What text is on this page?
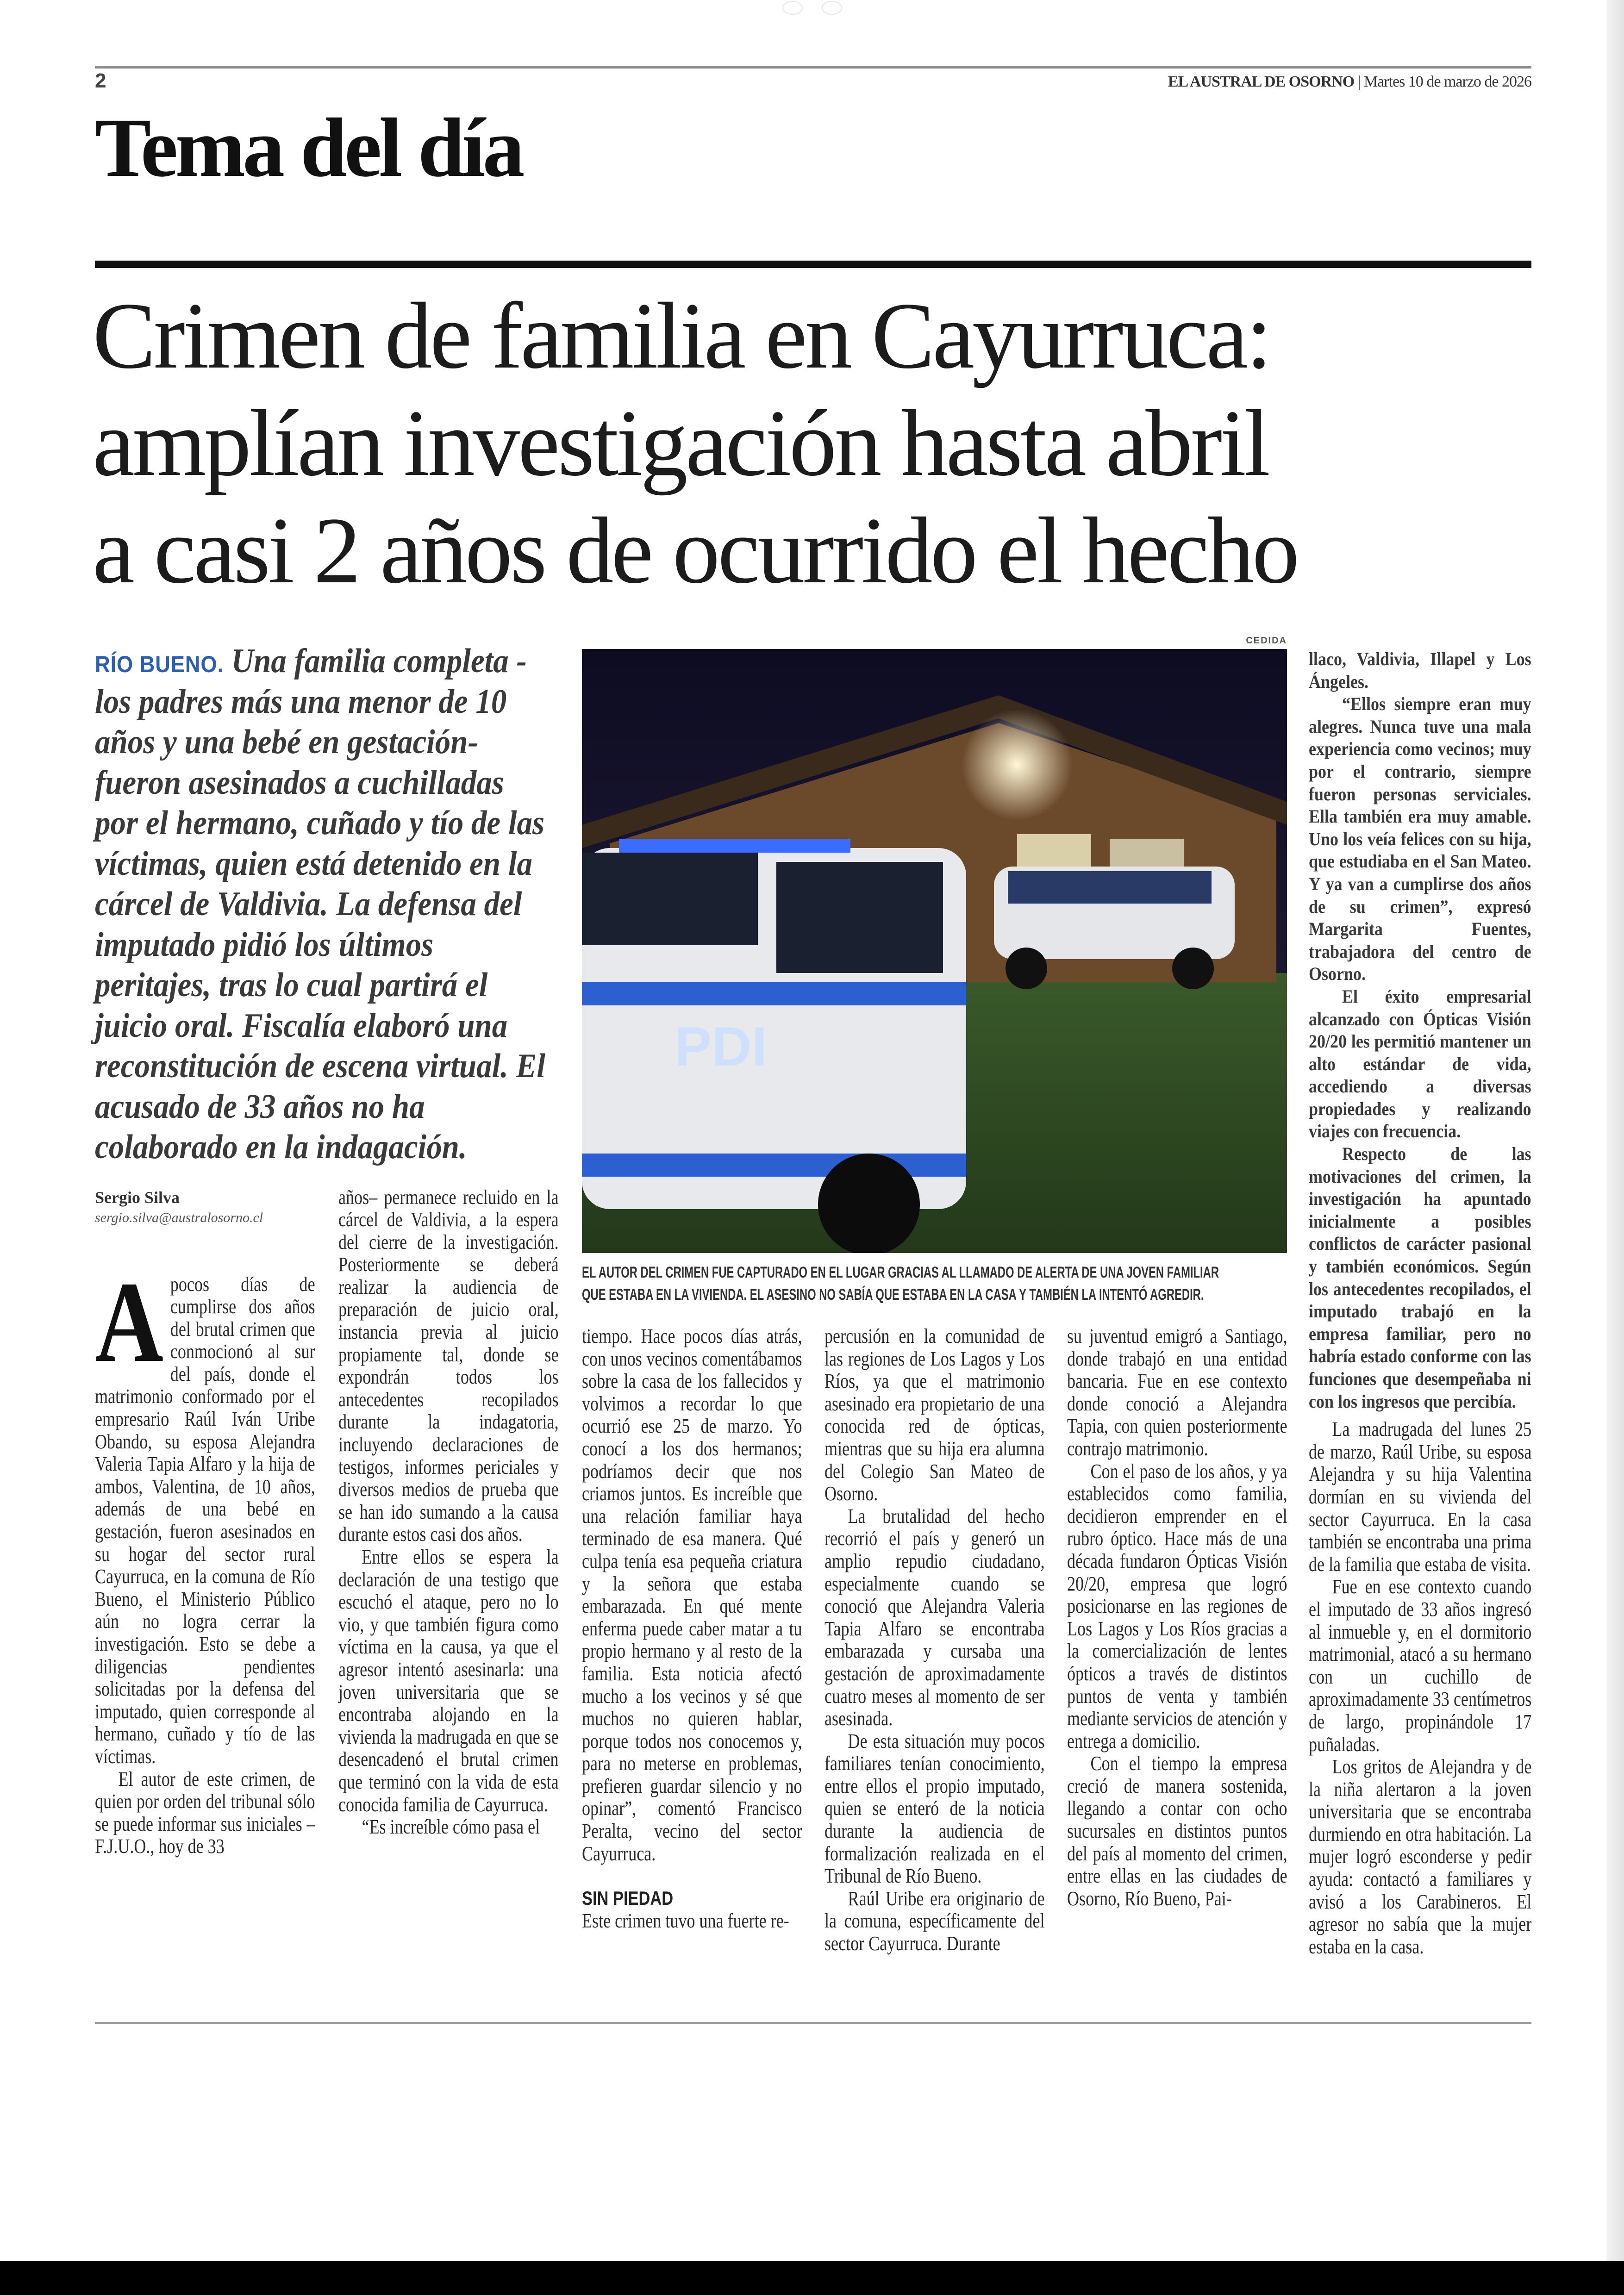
2	EL AUSTRAL DE OSORNO | Martes 10 de marzo de 2026
Tema del día
Crimen de familia en Cayurruca:
amplían investigación hasta abril
a casi 2 años de ocurrido el hecho
RÍO BUENO. Una familia completa -los padres más una menor de 10 años y una bebé en gestación- fueron asesinados a cuchilladas por el hermano, cuñado y tío de las víctimas, quien está detenido en la cárcel de Valdivia. La defensa del imputado pidió los últimos peritajes, tras lo cual partirá el juicio oral. Fiscalía elaboró una reconstitución de escena virtual. El acusado de 33 años no ha colaborado en la indagación.
Sergio Silva
sergio.silva@australosorno.cl

Apocos días de cumplirse dos años del brutal crimen que conmocionó al sur del país, donde el matrimonio conformado por el empresario Raúl Iván Uribe Obando, su esposa Alejandra Valeria Tapia Alfaro y la hija de ambos, Valentina, de 10 años, además de una bebé en gestación, fueron asesinados en su hogar del sector rural Cayurruca, en la comuna de Río Bueno, el Ministerio Público aún no logra cerrar la investigación. Esto se debe a diligencias pendientes solicitadas por la defensa del imputado, quien corresponde al hermano, cuñado y tío de las víctimas.

El autor de este crimen, de quien por orden del tribunal sólo se puede informar sus iniciales –F.J.U.O., hoy de 33

años– permanece recluido en la cárcel de Valdivia, a la espera del cierre de la investigación. Posteriormente se deberá realizar la audiencia de preparación de juicio oral, instancia previa al juicio propiamente tal, donde se expondrán todos los antecedentes recopilados durante la indagatoria, incluyendo declaraciones de testigos, informes periciales y diversos medios de prueba que se han ido sumando a la causa durante estos casi dos años.

Entre ellos se espera la declaración de una testigo que escuchó el ataque, pero no lo vio, y que también figura como víctima en la causa, ya que el agresor intentó asesinarla: una joven universitaria que se encontraba alojando en la vivienda la madrugada en que se desencadenó el brutal crimen que terminó con la vida de esta conocida familia de Cayurruca.

“Es increíble cómo pasa el

CEDIDA
PDI
EL AUTOR DEL CRIMEN FUE CAPTURADO EN EL LUGAR GRACIAS AL LLAMADO DE ALERTA DE UNA JOVEN FAMILIAR
QUE ESTABA EN LA VIVIENDA. EL ASESINO NO SABÍA QUE ESTABA EN LA CASA Y TAMBIÉN LA INTENTÓ AGREDIR.

tiempo. Hace pocos días atrás, con unos vecinos comentábamos sobre la casa de los fallecidos y volvimos a recordar lo que ocurrió ese 25 de marzo. Yo conocí a los dos hermanos; podríamos decir que nos criamos juntos. Es increíble que una relación familiar haya terminado de esa manera. Qué culpa tenía esa pequeña criatura y la señora que estaba embarazada. En qué mente enferma puede caber matar a tu propio hermano y al resto de la familia. Esta noticia afectó mucho a los vecinos y sé que muchos no quieren hablar, porque todos nos conocemos y, para no meterse en problemas, prefieren guardar silencio y no opinar”, comentó Francisco Peralta, vecino del sector Cayurruca.

SIN PIEDAD

Este crimen tuvo una fuerte re-

percusión en la comunidad de las regiones de Los Lagos y Los Ríos, ya que el matrimonio asesinado era propietario de una conocida red de ópticas, mientras que su hija era alumna del Colegio San Mateo de Osorno.

La brutalidad del hecho recorrió el país y generó un amplio repudio ciudadano, especialmente cuando se conoció que Alejandra Valeria Tapia Alfaro se encontraba embarazada y cursaba una gestación de aproximadamente cuatro meses al momento de ser asesinada.

De esta situación muy pocos familiares tenían conocimiento, entre ellos el propio imputado, quien se enteró de la noticia durante la audiencia de formalización realizada en el Tribunal de Río Bueno.

Raúl Uribe era originario de la comuna, específicamente del sector Cayurruca. Durante

su juventud emigró a Santiago, donde trabajó en una entidad bancaria. Fue en ese contexto donde conoció a Alejandra Tapia, con quien posteriormente contrajo matrimonio.

Con el paso de los años, y ya establecidos como familia, decidieron emprender en el rubro óptico. Hace más de una década fundaron Ópticas Visión 20/20, empresa que logró posicionarse en las regiones de Los Lagos y Los Ríos gracias a la comercialización de lentes ópticos a través de distintos puntos de venta y también mediante servicios de atención y entrega a domicilio.

Con el tiempo la empresa creció de manera sostenida, llegando a contar con ocho sucursales en distintos puntos del país al momento del crimen, entre ellas en las ciudades de Osorno, Río Bueno, Pai-

llaco, Valdivia, Illapel y Los Ángeles.

“Ellos siempre eran muy alegres. Nunca tuve una mala experiencia como vecinos; muy por el contrario, siempre fueron personas serviciales. Ella también era muy amable. Uno los veía felices con su hija, que estudiaba en el San Mateo. Y ya van a cumplirse dos años de su crimen”, expresó Margarita Fuentes, trabajadora del centro de Osorno.

El éxito empresarial alcanzado con Ópticas Visión 20/20 les permitió mantener un alto estándar de vida, accediendo a diversas propiedades y realizando viajes con frecuencia.

Respecto de las motivaciones del crimen, la investigación ha apuntado inicialmente a posibles conflictos de carácter pasional y también económicos. Según los antecedentes recopilados, el imputado trabajó en la empresa familiar, pero no habría estado conforme con las funciones que desempeñaba ni con los ingresos que percibía.

La madrugada del lunes 25 de marzo, Raúl Uribe, su esposa Alejandra y su hija Valentina dormían en su vivienda del sector Cayurruca. En la casa también se encontraba una prima de la familia que estaba de visita.

Fue en ese contexto cuando el imputado de 33 años ingresó al inmueble y, en el dormitorio matrimonial, atacó a su hermano con un cuchillo de aproximadamente 33 centímetros de largo, propinándole 17 puñaladas.

Los gritos de Alejandra y de la niña alertaron a la joven universitaria que se encontraba durmiendo en otra habitación. La mujer logró esconderse y pedir ayuda: contactó a familiares y avisó a los Carabineros. El agresor no sabía que la mujer estaba en la casa.
